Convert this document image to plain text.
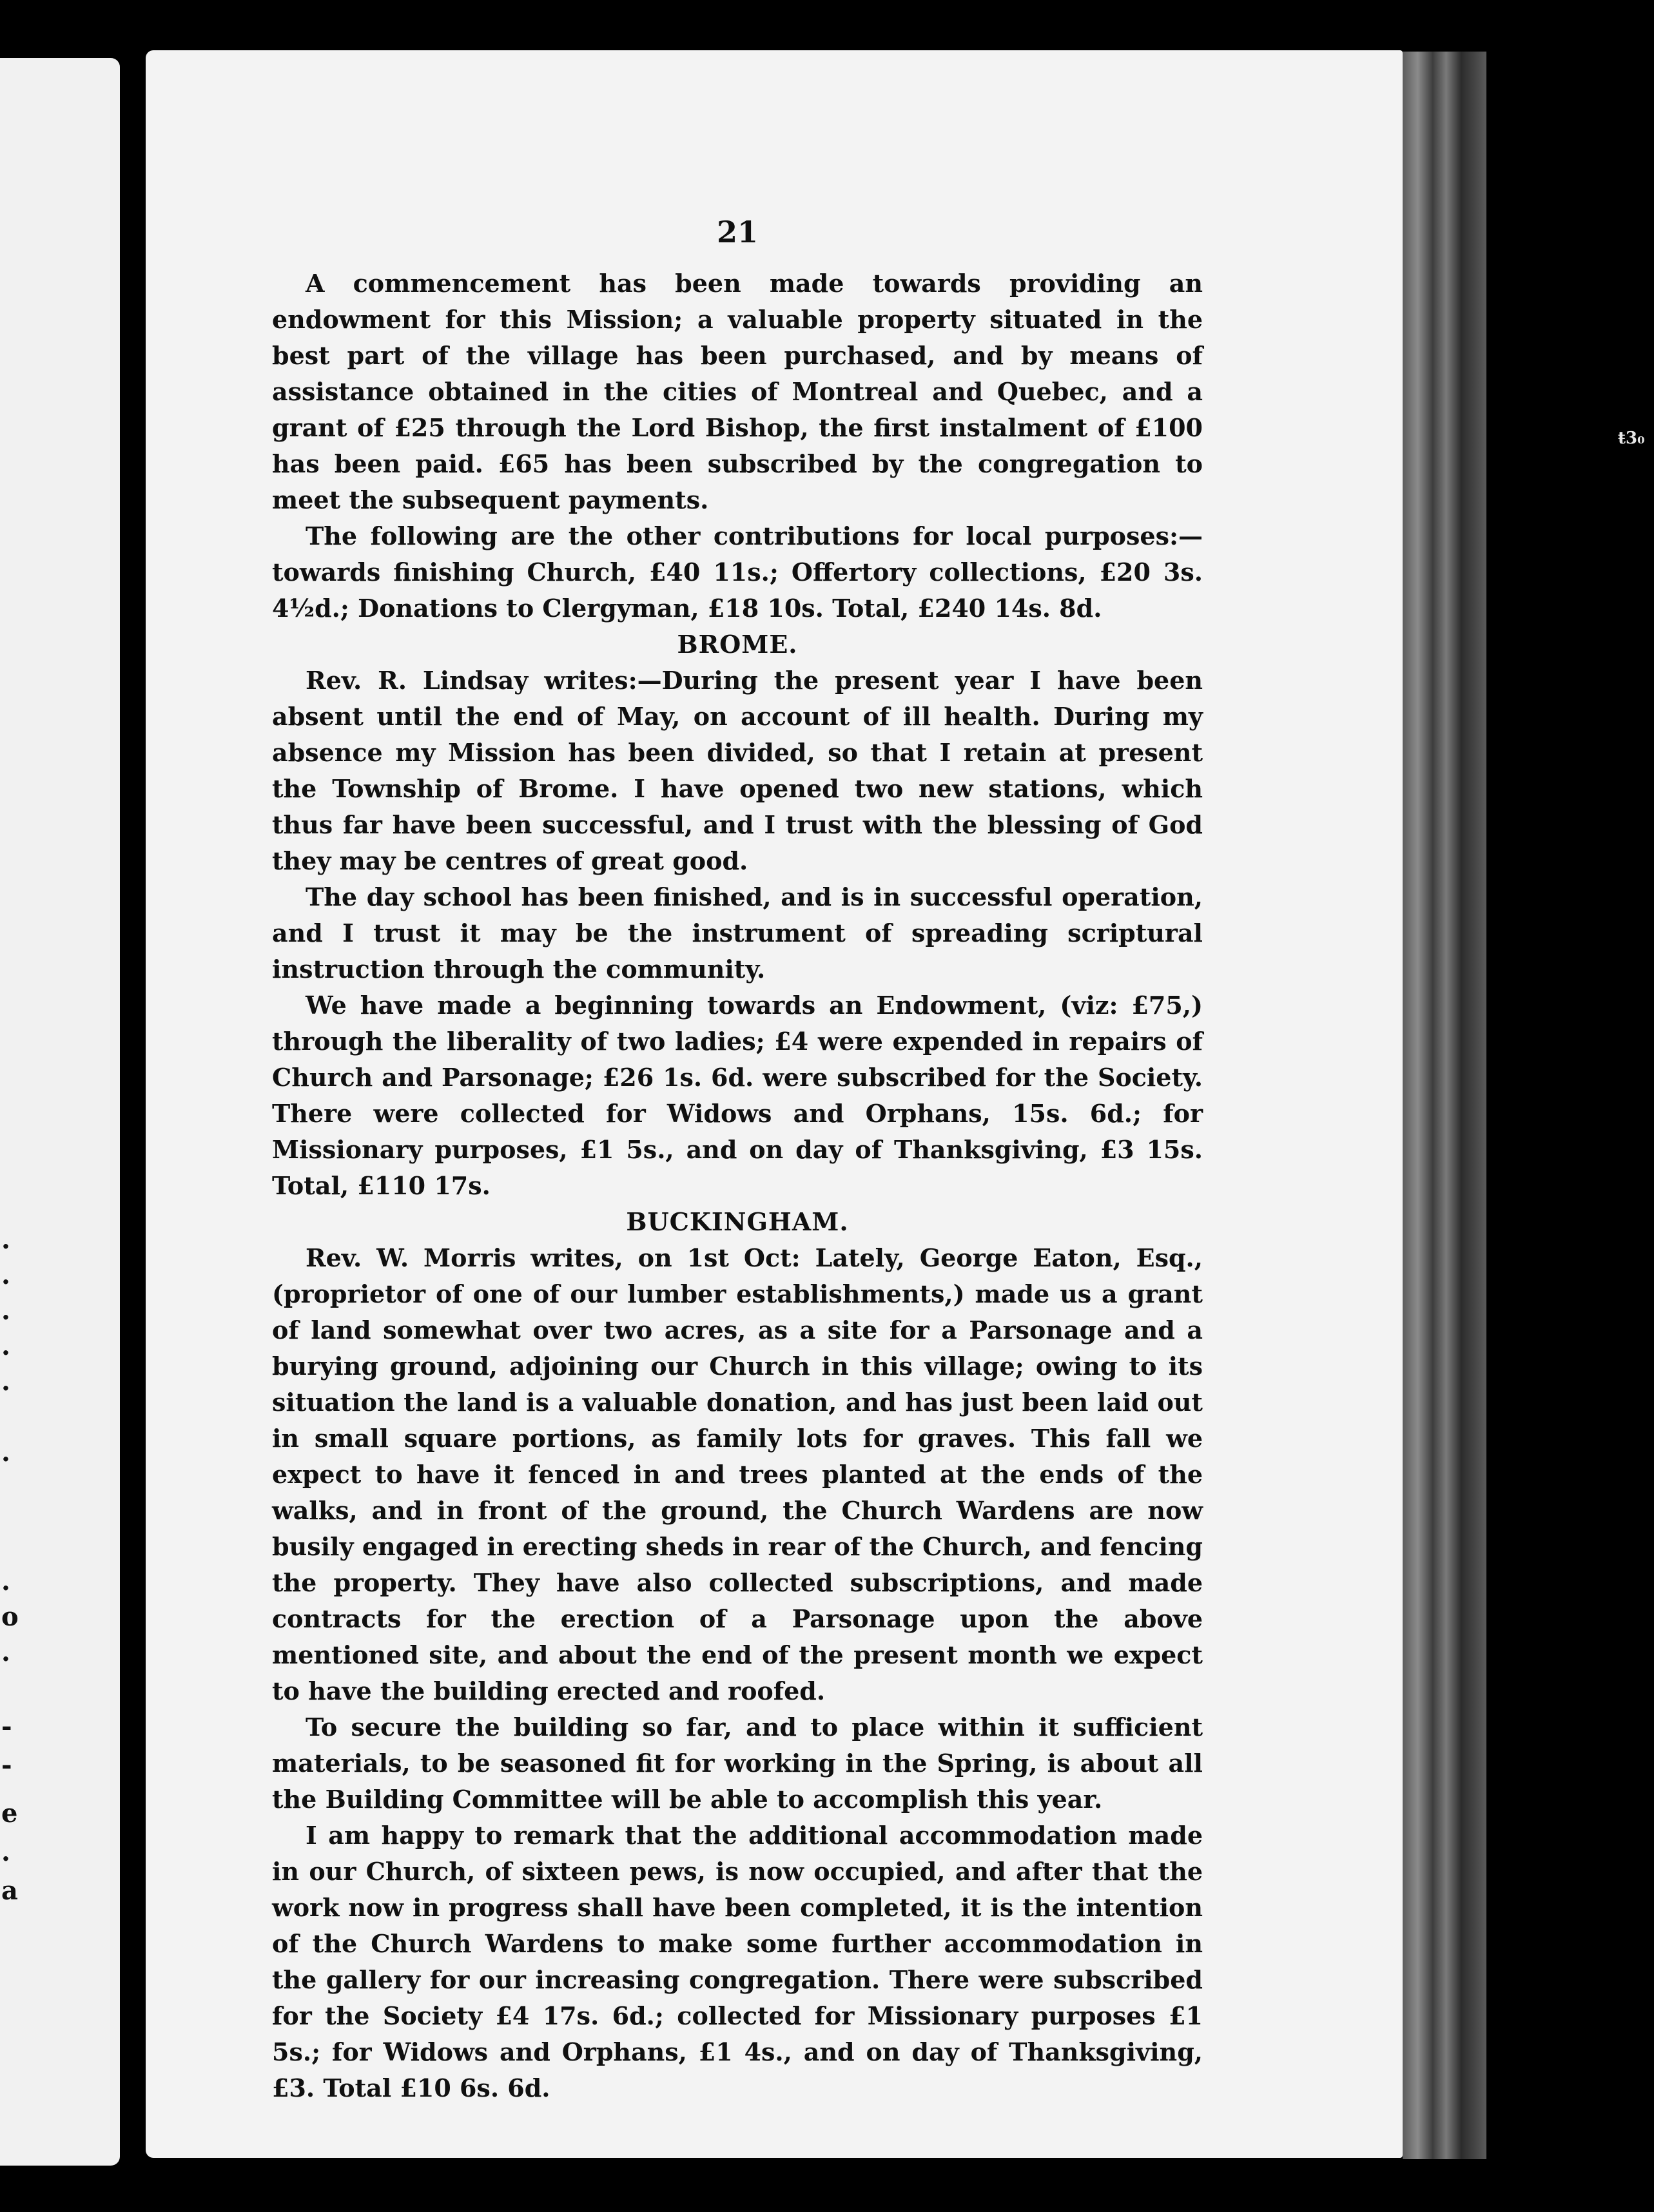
.
.
.
.
.
.
.
o
.
-
-
e
.
a
ŧ3₀
21

A commencement has been made towards providing an endowment for this Mission; a valuable property situated in the best part of the village has been purchased, and by means of assistance obtained in the cities of Montreal and Quebec, and a grant of £25 through the Lord Bishop, the first instalment of £100 has been paid. £65 has been subscribed by the congregation to meet the subsequent payments.

The following are the other contributions for local purposes:—towards finishing Church, £40 11s.; Offertory collections, £20 3s. 4½d.; Donations to Clergyman, £18 10s. Total, £240 14s. 8d.

BROME.

Rev. R. Lindsay writes:—During the present year I have been absent until the end of May, on account of ill health. During my absence my Mission has been divided, so that I retain at present the Township of Brome. I have opened two new stations, which thus far have been successful, and I trust with the blessing of God they may be centres of great good.

The day school has been finished, and is in successful operation, and I trust it may be the instrument of spreading scriptural instruction through the community.

We have made a beginning towards an Endowment, (viz: £75,) through the liberality of two ladies; £4 were expended in repairs of Church and Parsonage; £26 1s. 6d. were subscribed for the Society. There were collected for Widows and Orphans, 15s. 6d.; for Missionary purposes, £1 5s., and on day of Thanksgiving, £3 15s. Total, £110 17s.

BUCKINGHAM.

Rev. W. Morris writes, on 1st Oct: Lately, George Eaton, Esq.,(proprietor of one of our lumber establishments,) made us a grant of land somewhat over two acres, as a site for a Parsonage and a burying ground, adjoining our Church in this village; owing to its situation the land is a valuable donation, and has just been laid out in small square portions, as family lots for graves. This fall we expect to have it fenced in and trees planted at the ends of the walks, and in front of the ground, the Church Wardens are now busily engaged in erecting sheds in rear of the Church, and fencing the property. They have also collected subscriptions, and made contracts for the erection of a Parsonage upon the above mentioned site, and about the end of the present month we expect to have the building erected and roofed.

To secure the building so far, and to place within it sufficient materials, to be seasoned fit for working in the Spring, is about all the Building Committee will be able to accomplish this year.

I am happy to remark that the additional accommodation made in our Church, of sixteen pews, is now occupied, and after that the work now in progress shall have been completed, it is the intention of the Church Wardens to make some further accommodation in the gallery for our increasing congregation. There were subscribed for the Society £4 17s. 6d.; collected for Missionary purposes £1 5s.; for Widows and Orphans, £1 4s., and on day of Thanksgiving, £3. Total £10 6s. 6d.
